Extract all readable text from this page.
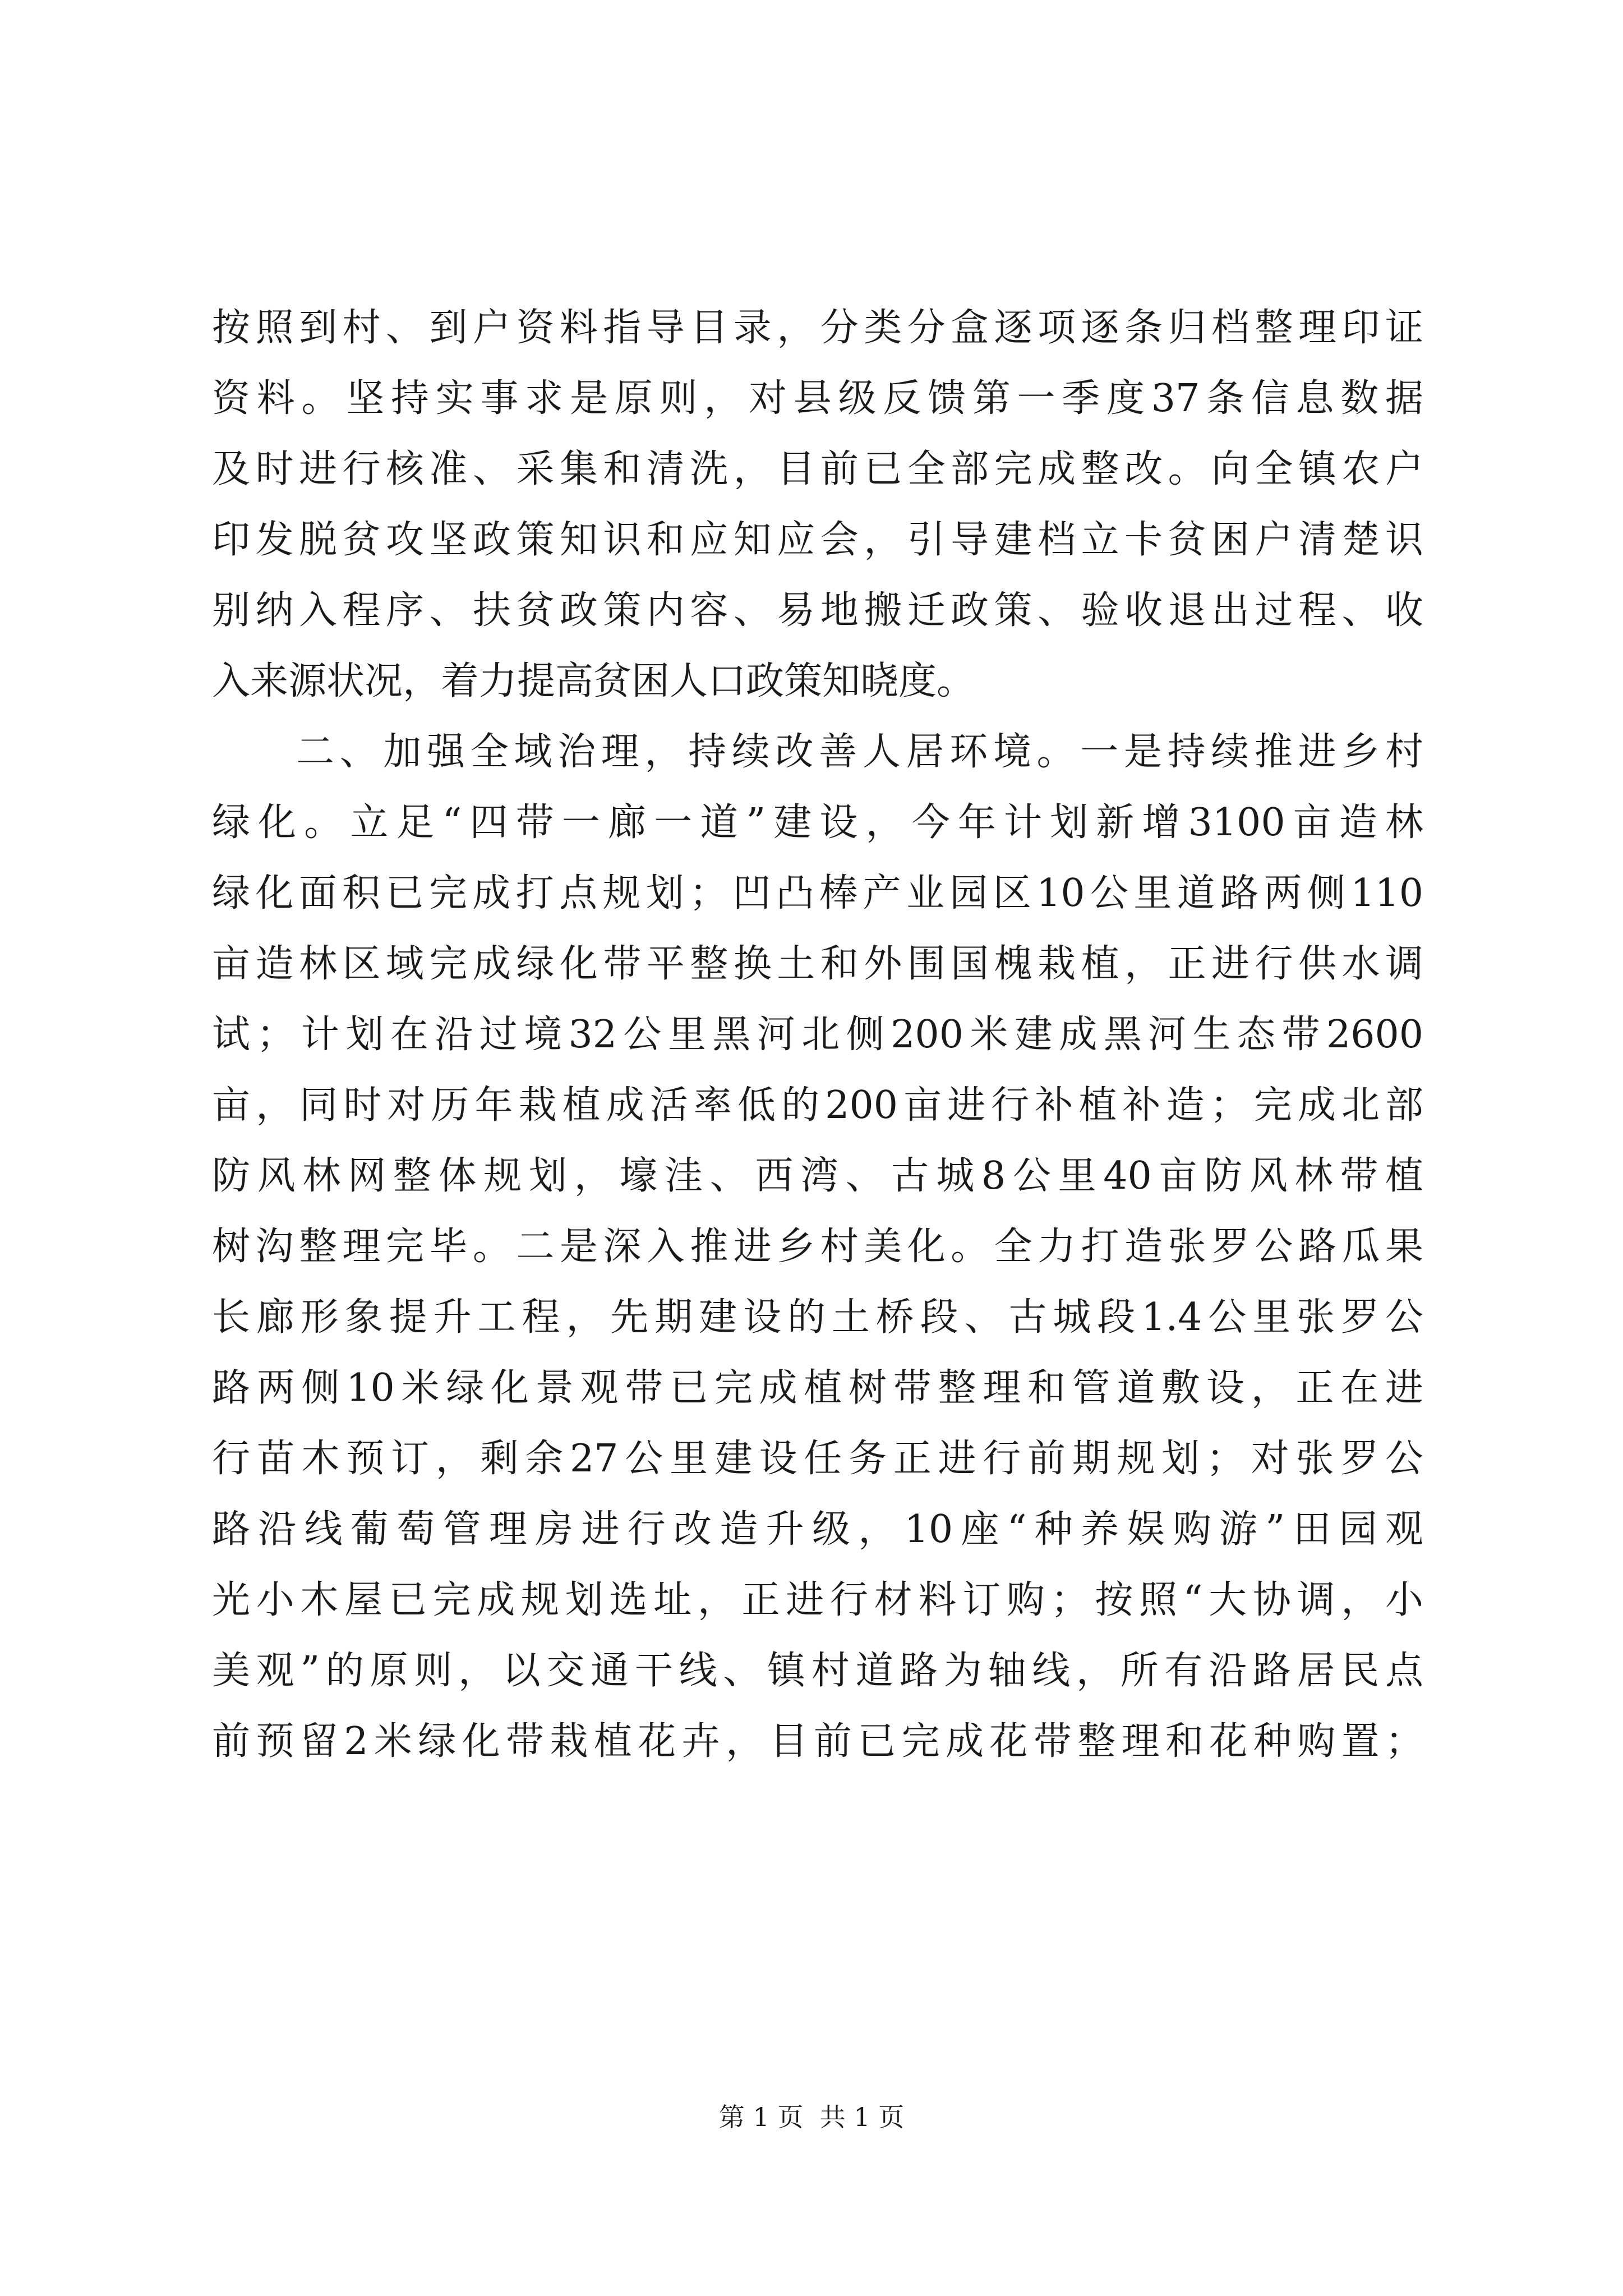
按照到村、到户资料指导目录，分类分盒逐项逐条归档整理印证
资料。坚持实事求是原则，对县级反馈第一季度37条信息数据
及时进行核准、采集和清洗，目前已全部完成整改。向全镇农户
印发脱贫攻坚政策知识和应知应会，引导建档立卡贫困户清楚识
别纳入程序、扶贫政策内容、易地搬迁政策、验收退出过程、收
入来源状况，着力提高贫困人口政策知晓度。
二、加强全域治理，持续改善人居环境。一是持续推进乡村
绿化。立足“四带一廊一道”建设，今年计划新增3100亩造林
绿化面积已完成打点规划；凹凸棒产业园区10公里道路两侧110
亩造林区域完成绿化带平整换土和外围国槐栽植，正进行供水调
试；计划在沿过境32公里黑河北侧200米建成黑河生态带2600
亩，同时对历年栽植成活率低的200亩进行补植补造；完成北部
防风林网整体规划，壕洼、西湾、古城8公里40亩防风林带植
树沟整理完毕。二是深入推进乡村美化。全力打造张罗公路瓜果
长廊形象提升工程，先期建设的土桥段、古城段1.4公里张罗公
路两侧10米绿化景观带已完成植树带整理和管道敷设，正在进
行苗木预订，剩余27公里建设任务正进行前期规划；对张罗公
路沿线葡萄管理房进行改造升级，10座“种养娱购游”田园观
光小木屋已完成规划选址，正进行材料订购；按照“大协调，小
美观”的原则，以交通干线、镇村道路为轴线，所有沿路居民点
前预留2米绿化带栽植花卉，目前已完成花带整理和花种购置；
第 1 页  共 1 页
